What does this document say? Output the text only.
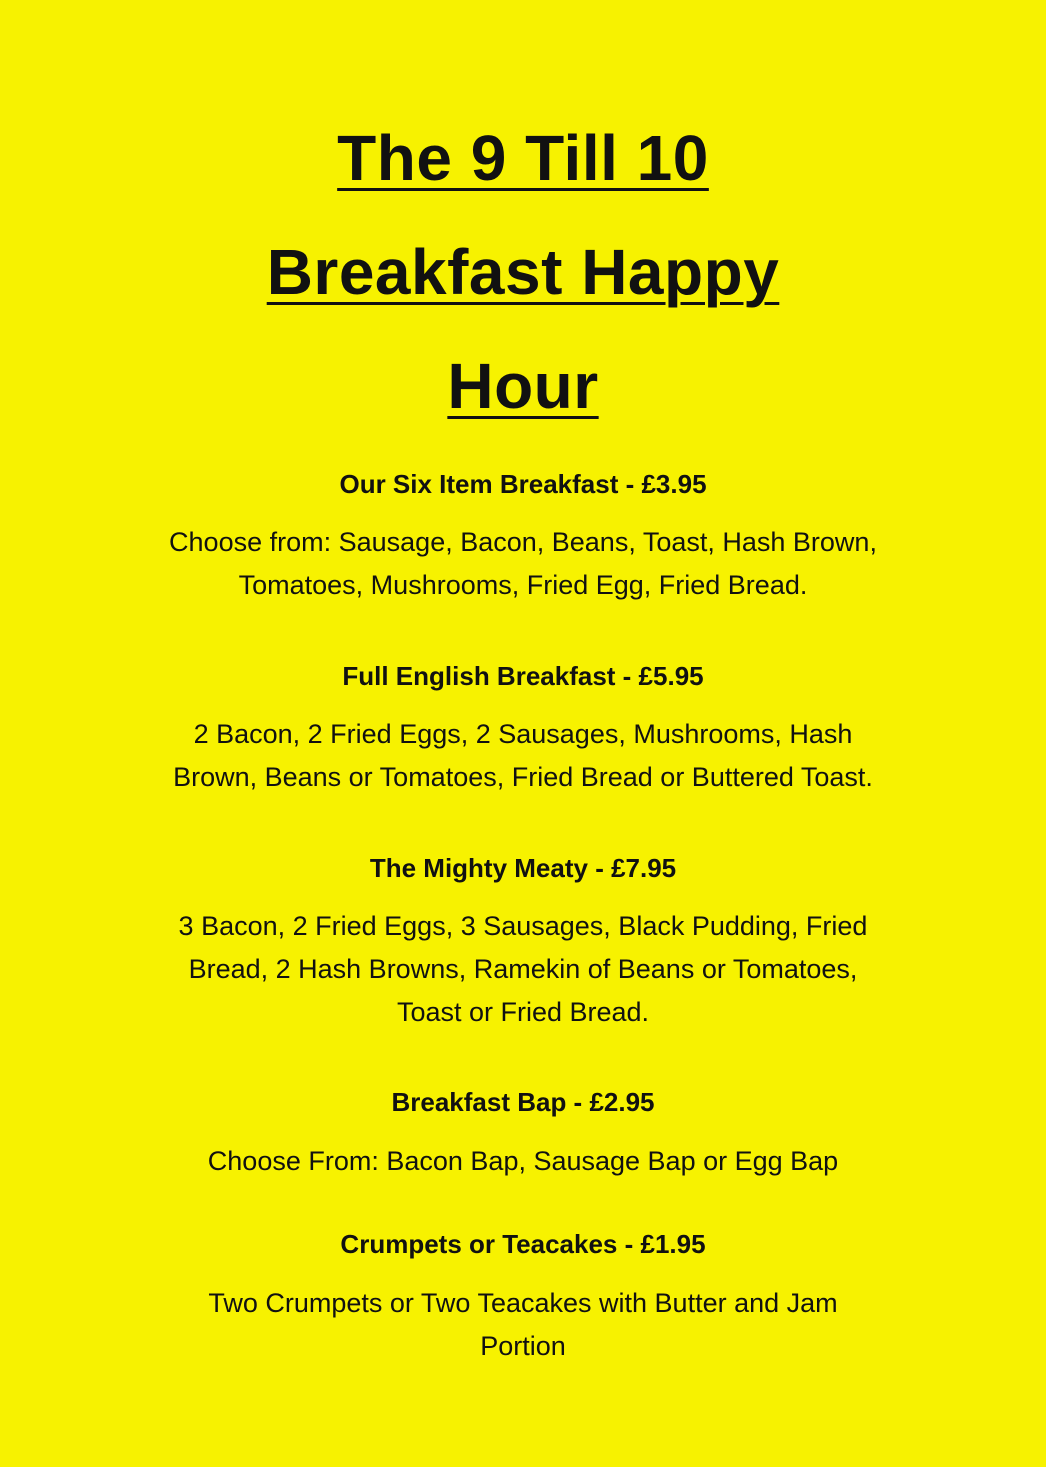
The 9 Till 10
Breakfast Happy
Hour
Our Six Item Breakfast - £3.95
Choose from: Sausage, Bacon, Beans, Toast, Hash Brown,
Tomatoes, Mushrooms, Fried Egg, Fried Bread.
Full English Breakfast - £5.95
2 Bacon, 2 Fried Eggs, 2 Sausages, Mushrooms, Hash
Brown, Beans or Tomatoes, Fried Bread or Buttered Toast.
The Mighty Meaty - £7.95
3 Bacon, 2 Fried Eggs, 3 Sausages, Black Pudding, Fried
Bread, 2 Hash Browns, Ramekin of Beans or Tomatoes,
Toast or Fried Bread.
Breakfast Bap - £2.95
Choose From: Bacon Bap, Sausage Bap or Egg Bap
Crumpets or Teacakes - £1.95
Two Crumpets or Two Teacakes with Butter and Jam
Portion
